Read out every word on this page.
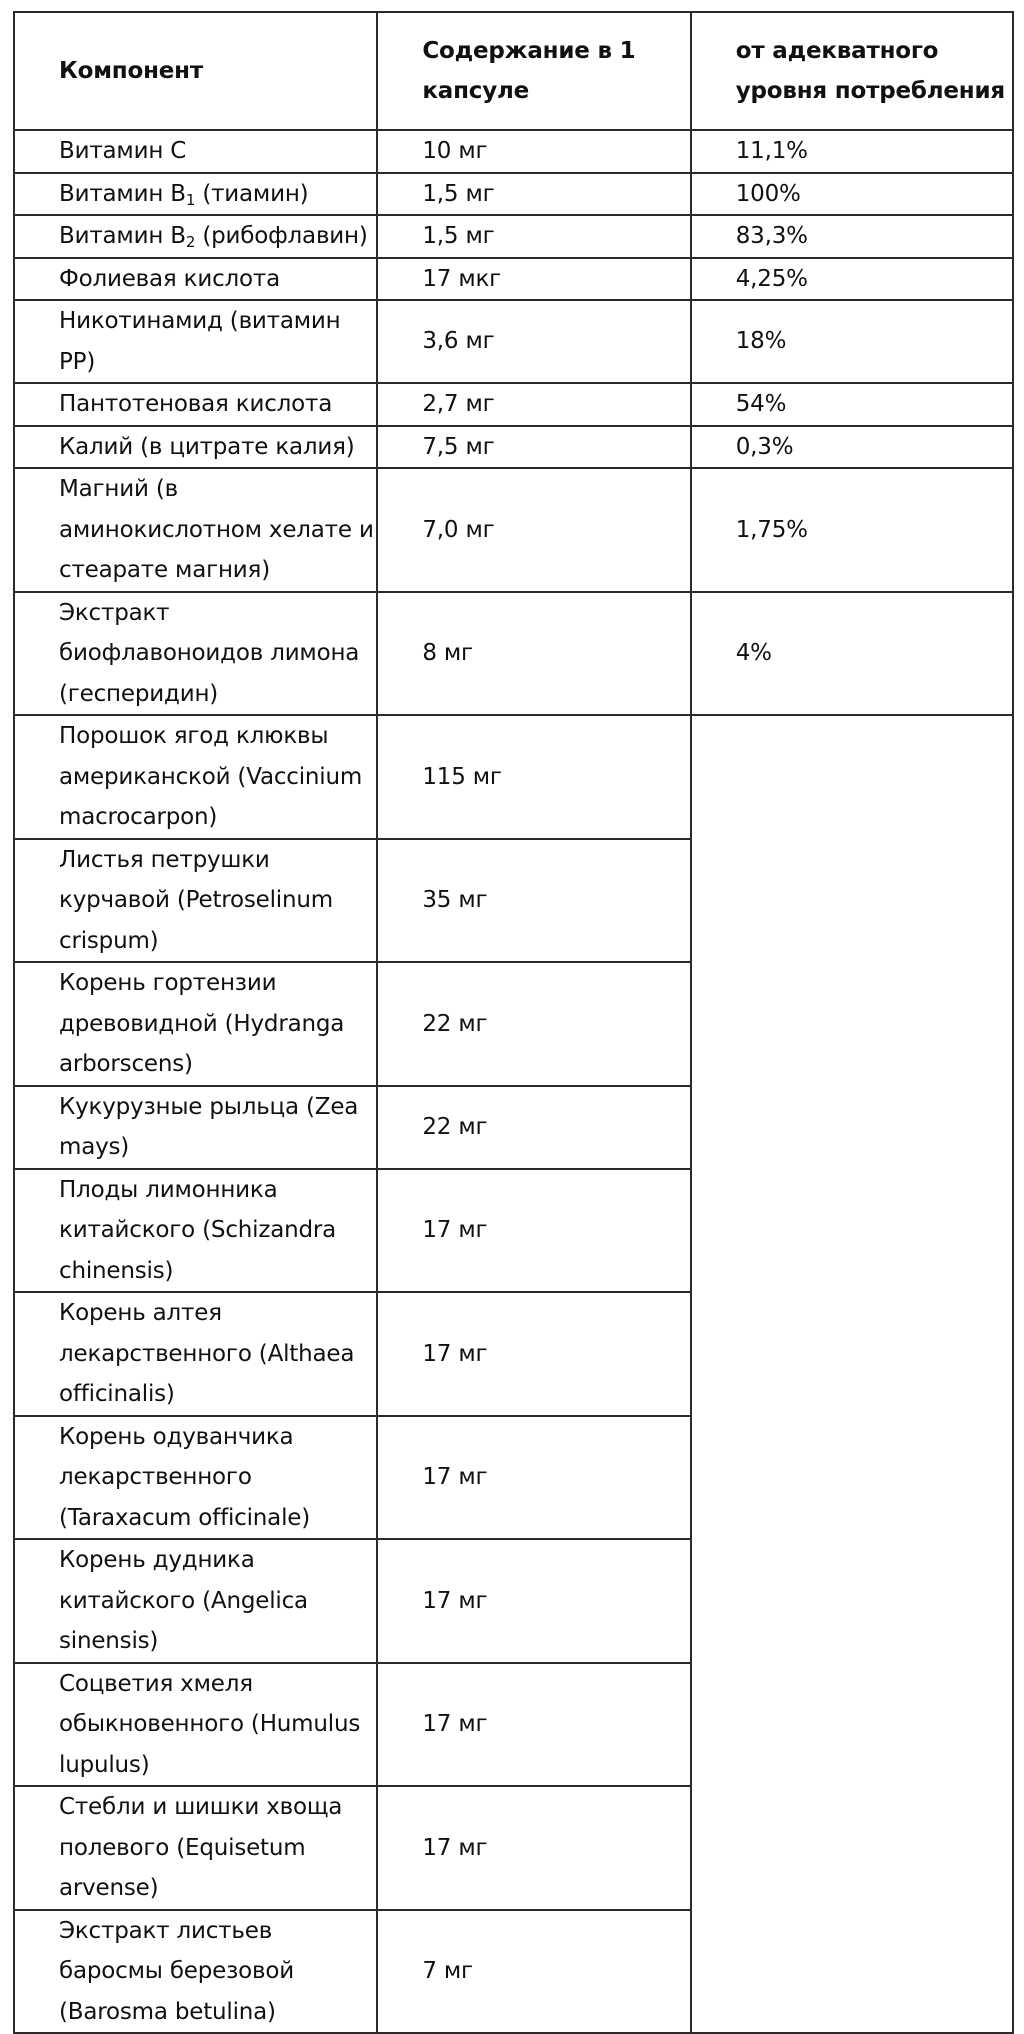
Компонент	Содержание в 1 капсуле	от адекватного уровня потребления
Витамин С	10 мг	11,1%
Витамин $В_1$ (тиамин)	1,5 мг	100%
Витамин $В_2$ (рибофлавин)	1,5 мг	83,3%
Фолиевая кислота	17 мкг	4,25%
Никотинамид (витамин РР)	3,6 мг	18%
Пантотеновая кислота	2,7 мг	54%
Калий (в цитрате калия)	7,5 мг	0,3%
Магний (в аминокислотном хелате и стеарате магния)	7,0 мг	1,75%
Экстракт биофлавоноидов лимона (гесперидин)	8 мг	4%
Порошок ягод клюквы американской (Vaccinium macrocarpon)	115 мг	
Листья петрушки курчавой (Petroselinum crispum)	35 мг	
Корень гортензии древовидной (Hydranga arborscens)	22 мг	
Кукурузные рыльца (Zea mays)	22 мг	
Плоды лимонника китайского (Schizandra chinensis)	17 мг	
Корень алтея лекарственного (Althaea officinalis)	17 мг	
Корень одуванчика лекарственного (Taraxacum officinale)	17 мг	
Корень дудника китайского (Angelica sinensis)	17 мг	
Соцветия хмеля обыкновенного (Humulus lupulus)	17 мг	
Стебли и шишки хвоща полевого (Equisetum arvense)	17 мг	
Экстракт листьев баросмы березовой (Barosma betulina)	7 мг	
